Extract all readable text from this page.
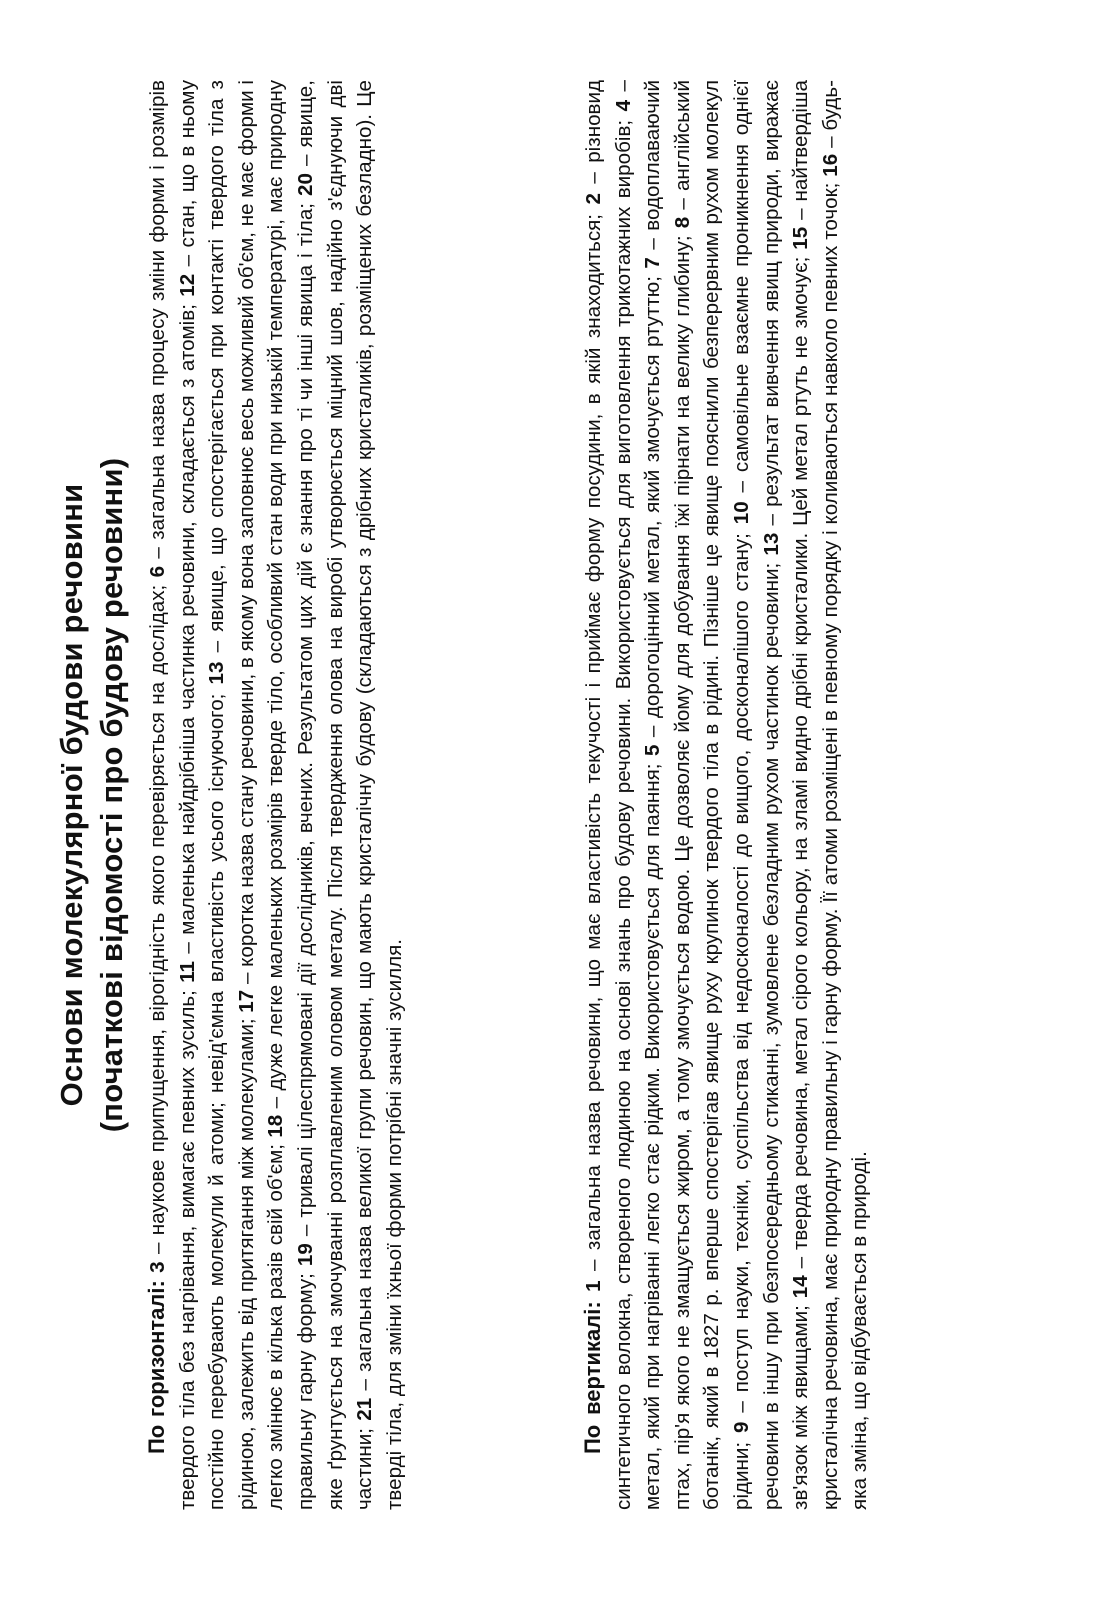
Основи молекулярної будови речовини (початкові відомості про будову речовини)

По горизонталі: 3 – наукове припущення, вірогідність якого перевіряється на дослідах; 6 – загальна назва процесу зміни форми і розмірів твердого тіла без нагрівання, вимагає певних зусиль; 11 – маленька найдрібніша частинка речовини, складається з атомів; 12 – стан, що в ньому постійно перебувають молекули й атоми; невід'ємна властивість усього існуючого; 13 – явище, що спостерігається при контакті твердого тіла з рідиною, залежить від притягання між молекулами; 17 – коротка назва стану речовини, в якому вона заповнює весь можливий об'єм, не має форми і легко змінює в кілька разів свій об'єм; 18 – дуже легке маленьких розмірів тверде тіло, особливий стан води при низькій температурі, має природну правильну гарну форму; 19 – тривалі цілеспрямовані дії дослідників, вчених. Результатом цих дій є знання про ті чи інші явища і тіла; 20 – явище, яке ґрунтується на змочуванні розплавленим оловом металу. Після твердження олова на виробі утворюється міцний шов, надійно з'єднуючи дві частини; 21 – загальна назва великої групи речовин, що мають кристалічну будову (складаються з дрібних кристаликів, розміщених безладно). Це тверді тіла, для зміни їхньої форми потрібні значні зусилля.	По вертикалі: 1 – загальна назва речовини, що має властивість текучості і приймає форму посудини, в якій знаходиться; 2 – різновид синтетичного волокна, створеного людиною на основі знань про будову речовини. Використовується для виготовлення трикотажних виробів; 4 – метал, який при нагріванні легко стає рідким. Використовується для паяння; 5 – дорогоцінний метал, який змочується ртуттю; 7 – водоплаваючий птах, пір'я якого не змащується жиром, а тому змочується водою. Це дозволяє йому для добування їжі пірнати на велику глибину; 8 – англійський ботанік, який в 1827 р. вперше спостерігав явище руху крупинок твердого тіла в рідині. Пізніше це явище пояснили безперервним рухом молекул рідини; 9 – поступ науки, техніки, суспільства від недосконалості до вищого, досконалішого стану; 10 – самовільне взаємне проникнення однієї речовини в іншу при безпосередньому стиканні, зумовлене безладним рухом частинок речовини; 13 – результат вивчення явищ природи, виражає зв'язок між явищами; 14 – тверда речовина, метал сірого кольору, на зламі видно дрібні кристалики. Цей метал ртуть не змочує; 15 – найтвердіша кристалічна речовина, має природну правильну і гарну форму. Її атоми розміщені в певному порядку і коливаються навколо певних точок; 16 – будь-яка зміна, що відбувається в природі.
